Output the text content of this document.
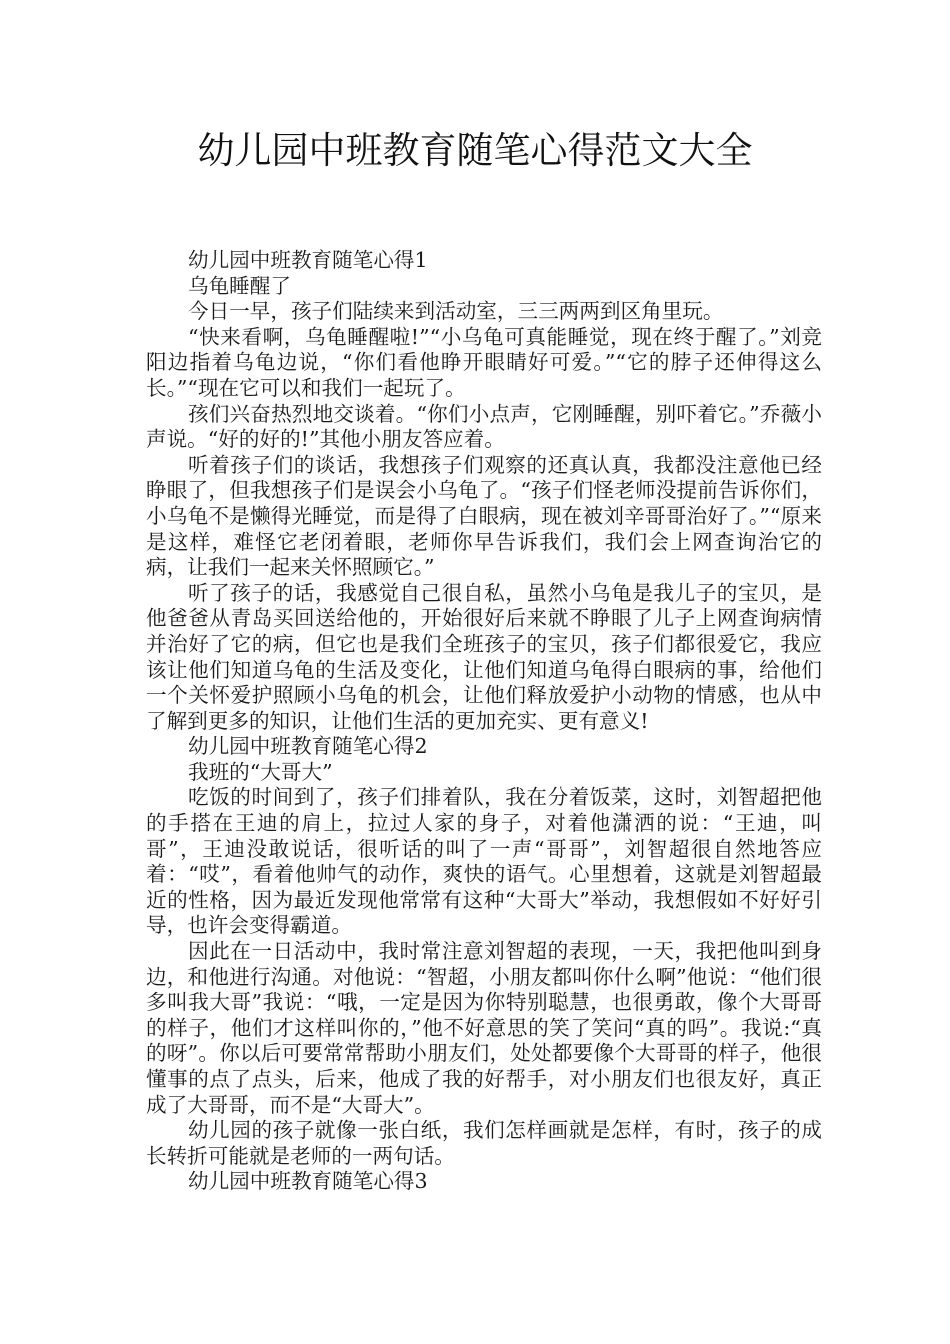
幼儿园中班教育随笔心得范文大全

幼儿园中班教育随笔心得1

乌龟睡醒了

今日一早，孩子们陆续来到活动室，三三两两到区角里玩。

“快来看啊，乌龟睡醒啦!”“小乌龟可真能睡觉，现在终于醒了。”刘竞阳边指着乌龟边说，“你们看他睁开眼睛好可爱。”“它的脖子还伸得这么长。”“现在它可以和我们一起玩了。

孩们兴奋热烈地交谈着。“你们小点声，它刚睡醒，别吓着它。”乔薇小声说。“好的好的!”其他小朋友答应着。

听着孩子们的谈话，我想孩子们观察的还真认真，我都没注意他已经睁眼了，但我想孩子们是误会小乌龟了。“孩子们怪老师没提前告诉你们，小乌龟不是懒得光睡觉，而是得了白眼病，现在被刘辛哥哥治好了。”“原来是这样，难怪它老闭着眼，老师你早告诉我们，我们会上网查询治它的病，让我们一起来关怀照顾它。”

听了孩子的话，我感觉自己很自私，虽然小乌龟是我儿子的宝贝，是他爸爸从青岛买回送给他的，开始很好后来就不睁眼了儿子上网查询病情并治好了它的病，但它也是我们全班孩子的宝贝，孩子们都很爱它，我应该让他们知道乌龟的生活及变化，让他们知道乌龟得白眼病的事，给他们一个关怀爱护照顾小乌龟的机会，让他们释放爱护小动物的情感，也从中了解到更多的知识，让他们生活的更加充实、更有意义!

幼儿园中班教育随笔心得2

我班的“大哥大”

吃饭的时间到了，孩子们排着队，我在分着饭菜，这时，刘智超把他的手搭在王迪的肩上，拉过人家的身子，对着他潇洒的说：“王迪，叫哥”，王迪没敢说话，很听话的叫了一声“哥哥”，刘智超很自然地答应着：“哎”，看着他帅气的动作，爽快的语气。心里想着，这就是刘智超最近的性格，因为最近发现他常常有这种“大哥大”举动，我想假如不好好引导，也许会变得霸道。

因此在一日活动中，我时常注意刘智超的表现，一天，我把他叫到身边，和他进行沟通。对他说：“智超，小朋友都叫你什么啊”他说：“他们很多叫我大哥”我说：“哦，一定是因为你特别聪慧，也很勇敢，像个大哥哥的样子，他们才这样叫你的，”他不好意思的笑了笑问“真的吗”。我说:“真的呀”。你以后可要常常帮助小朋友们，处处都要像个大哥哥的样子，他很懂事的点了点头，后来，他成了我的好帮手，对小朋友们也很友好，真正成了大哥哥，而不是“大哥大”。

幼儿园的孩子就像一张白纸，我们怎样画就是怎样，有时，孩子的成长转折可能就是老师的一两句话。

幼儿园中班教育随笔心得3
